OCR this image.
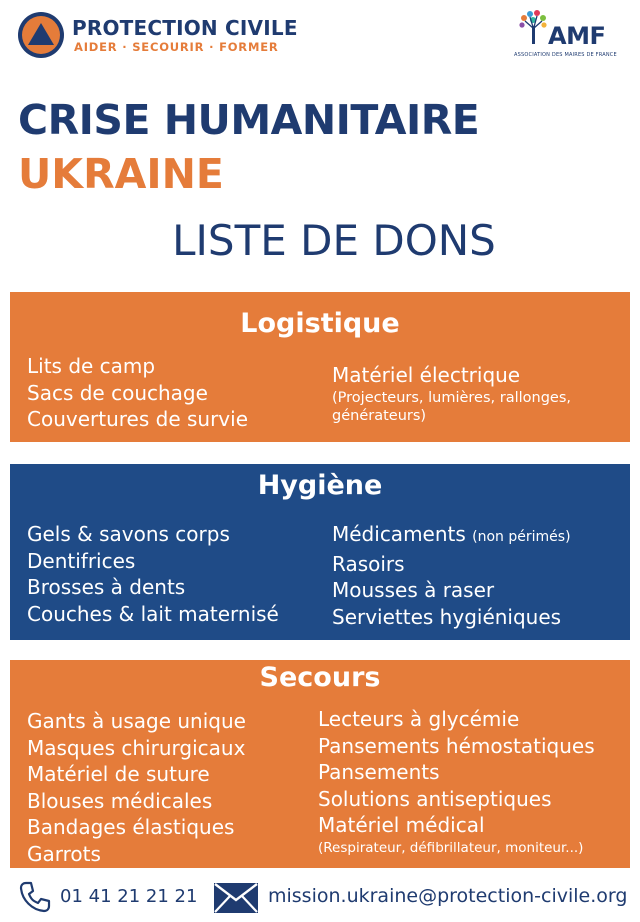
PROTECTION CIVILE
AIDER · SECOURIR · FORMER	AMF
ASSOCIATION DES MAIRES DE FRANCE
CRISE HUMANITAIRE
UKRAINE
LISTE DE DONS
Logistique
Lits de camp
Sacs de couchage
Couvertures de survie
Matériel électrique
(Projecteurs, lumières, rallonges,
générateurs)
Hygiène
Gels & savons corps
Dentifrices
Brosses à dents
Couches & lait maternisé
Médicaments (non périmés)
Rasoirs
Mousses à raser
Serviettes hygiéniques
Secours
Gants à usage unique
Masques chirurgicaux
Matériel de suture
Blouses médicales
Bandages élastiques
Garrots
Lecteurs à glycémie
Pansements hémostatiques
Pansements
Solutions antiseptiques
Matériel médical
(Respirateur, défibrillateur, moniteur...)
01 41 21 21 21	mission.ukraine@protection-civile.org
